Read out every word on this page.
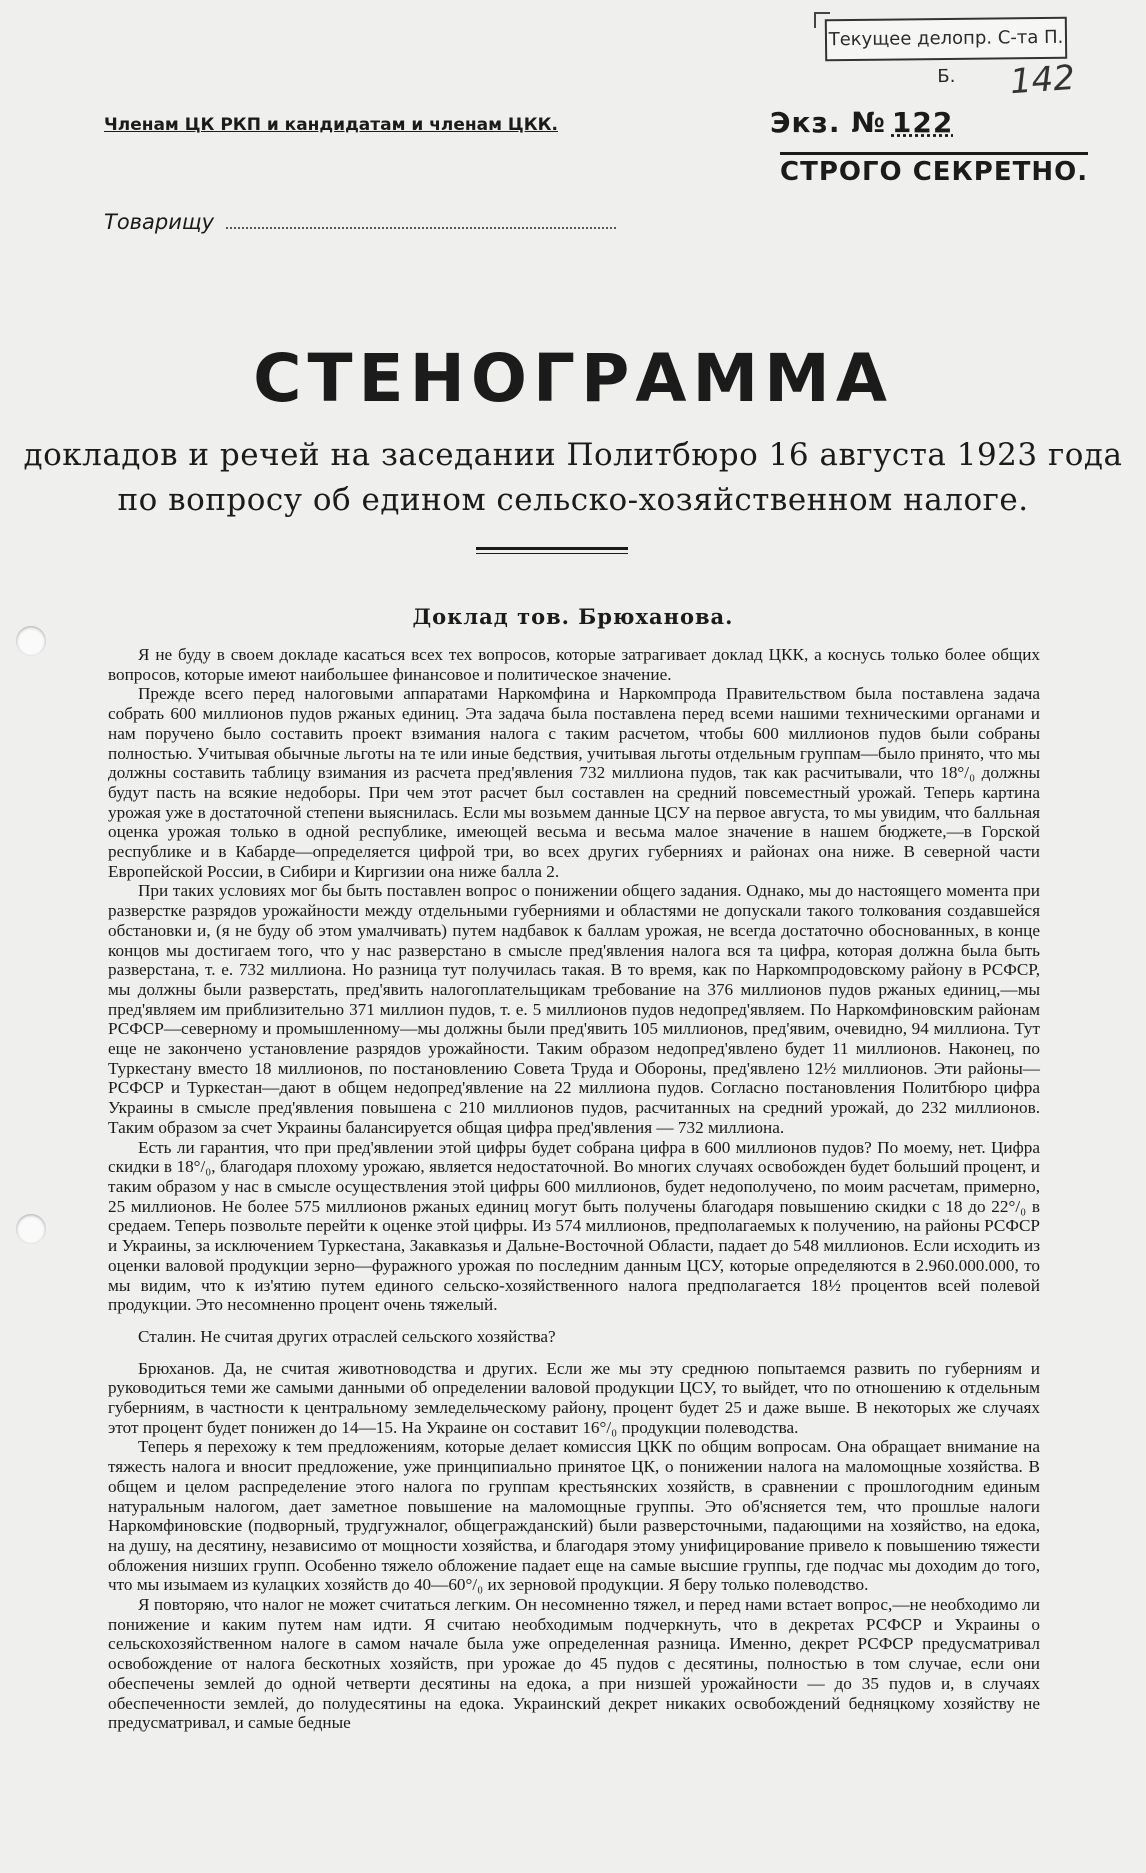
Текущее делопр. С-та П. Б.	142
Членам ЦК РКП и кандидатам и членам ЦКК.	Экз. № 122
СТРОГО СЕКРЕТНО.
Товарищу
СТЕНОГРАММА
докладов и речей на заседании Политбюро 16 августа 1923 года
по вопросу об едином сельско-хозяйственном налоге.
Доклад тов. Брюханова.

Я не буду в своем докладе касаться всех тех вопросов, которые затрагивает доклад ЦКК, а коснусь только более общих вопросов, которые имеют наибольшее финансовое и политическое значение.

Прежде всего перед налоговыми аппаратами Наркомфина и Наркомпрода Правительством была поставлена задача собрать 600 миллионов пудов ржаных единиц. Эта задача была поставлена перед всеми нашими техническими органами и нам поручено было составить проект взимания налога с таким расчетом, чтобы 600 миллионов пудов были собраны полностью. Учитывая обычные льготы на те или иные бедствия, учитывая льготы отдельным группам—было принято, что мы должны составить таблицу взимания из расчета пред'явления 732 миллиона пудов, так как расчитывали, что 18°/₀ должны будут пасть на всякие недоборы. При чем этот расчет был составлен на средний повсеместный урожай. Теперь картина урожая уже в достаточной степени выяснилась. Если мы возьмем данные ЦСУ на первое августа, то мы увидим, что балльная оценка урожая только в одной республике, имеющей весьма и весьма малое значение в нашем бюджете,—в Горской республике и в Кабарде—определяется цифрой три, во всех других губерниях и районах она ниже. В северной части Европейской России, в Сибири и Киргизии она ниже балла 2.

При таких условиях мог бы быть поставлен вопрос о понижении общего задания. Однако, мы до настоящего момента при разверстке разрядов урожайности между отдельными губерниями и областями не допускали такого толкования создавшейся обстановки и, (я не буду об этом умалчивать) путем надбавок к баллам урожая, не всегда достаточно обоснованных, в конце концов мы достигаем того, что у нас разверстано в смысле пред'явления налога вся та цифра, которая должна была быть разверстана, т. е. 732 миллиона. Но разница тут получилась такая. В то время, как по Наркомпродовскому району в РСФСР, мы должны были разверстать, пред'явить налогоплательщикам требование на 376 миллионов пудов ржаных единиц,—мы пред'являем им приблизительно 371 миллион пудов, т. е. 5 миллионов пудов недопред'являем. По Наркомфиновским районам РСФСР—северному и промышленному—мы должны были пред'явить 105 миллионов, пред'явим, очевидно, 94 миллиона. Тут еще не закончено установление разрядов урожайности. Таким образом недопред'явлено будет 11 миллионов. Наконец, по Туркестану вместо 18 миллионов, по постановлению Совета Труда и Обороны, пред'явлено 12½ миллионов. Эти районы—РСФСР и Туркестан—дают в общем недопред'явление на 22 миллиона пудов. Согласно постановления Политбюро цифра Украины в смысле пред'явления повышена с 210 миллионов пудов, расчитанных на средний урожай, до 232 миллионов. Таким образом за счет Украины балансируется общая цифра пред'явления — 732 миллиона.

Есть ли гарантия, что при пред'явлении этой цифры будет собрана цифра в 600 миллионов пудов? По моему, нет. Цифра скидки в 18°/₀, благодаря плохому урожаю, является недостаточной. Во многих случаях освобожден будет больший процент, и таким образом у нас в смысле осуществления этой цифры 600 миллионов, будет недополучено, по моим расчетам, примерно, 25 миллионов. Не более 575 миллионов ржаных единиц могут быть получены благодаря повышению скидки с 18 до 22°/₀ в средаем. Теперь позвольте перейти к оценке этой цифры. Из 574 миллионов, предполагаемых к получению, на районы РСФСР и Украины, за исключением Туркестана, Закавказья и Дальне-Восточной Области, падает до 548 миллионов. Если исходить из оценки валовой продукции зерно—фуражного урожая по последним данным ЦСУ, которые определяются в 2.960.000.000, то мы видим, что к из'ятию путем единого сельско-хозяйственного налога предполагается 18½ процентов всей полевой продукции. Это несомненно процент очень тяжелый.

Сталин. Не считая других отраслей сельского хозяйства?

Брюханов. Да, не считая животноводства и других. Если же мы эту среднюю попытаемся развить по губерниям и руководиться теми же самыми данными об определении валовой продукции ЦСУ, то выйдет, что по отношению к отдельным губерниям, в частности к центральному земледельческому району, процент будет 25 и даже выше. В некоторых же случаях этот процент будет понижен до 14—15. На Украине он составит 16°/₀ продукции полеводства.

Теперь я перехожу к тем предложениям, которые делает комиссия ЦКК по общим вопросам. Она обращает внимание на тяжесть налога и вносит предложение, уже принципиально принятое ЦК, о понижении налога на маломощные хозяйства. В общем и целом распределение этого налога по группам крестьянских хозяйств, в сравнении с прошлогодним единым натуральным налогом, дает заметное повышение на маломощные группы. Это об'ясняется тем, что прошлые налоги Наркомфиновские (подворный, трудгужналог, общегражданский) были разверсточными, падающими на хозяйство, на едока, на душу, на десятину, независимо от мощности хозяйства, и благодаря этому унифицирование привело к повышению тяжести обложения низших групп. Особенно тяжело обложение падает еще на самые высшие группы, где подчас мы доходим до того, что мы изымаем из кулацких хозяйств до 40—60°/₀ их зерновой продукции. Я беру только полеводство.

Я повторяю, что налог не может считаться легким. Он несомненно тяжел, и перед нами встает вопрос,—не необходимо ли понижение и каким путем нам идти. Я считаю необходимым подчеркнуть, что в декретах РСФСР и Украины о сельскохозяйственном налоге в самом начале была уже определенная разница. Именно, декрет РСФСР предусматривал освобождение от налога бескотных хозяйств, при урожае до 45 пудов с десятины, полностью в том случае, если они обеспечены землей до одной четверти десятины на едока, а при низшей урожайности — до 35 пудов и, в случаях обеспеченности землей, до полудесятины на едока. Украинский декрет никаких освобождений бедняцкому хозяйству не предусматривал, и самые бедные
